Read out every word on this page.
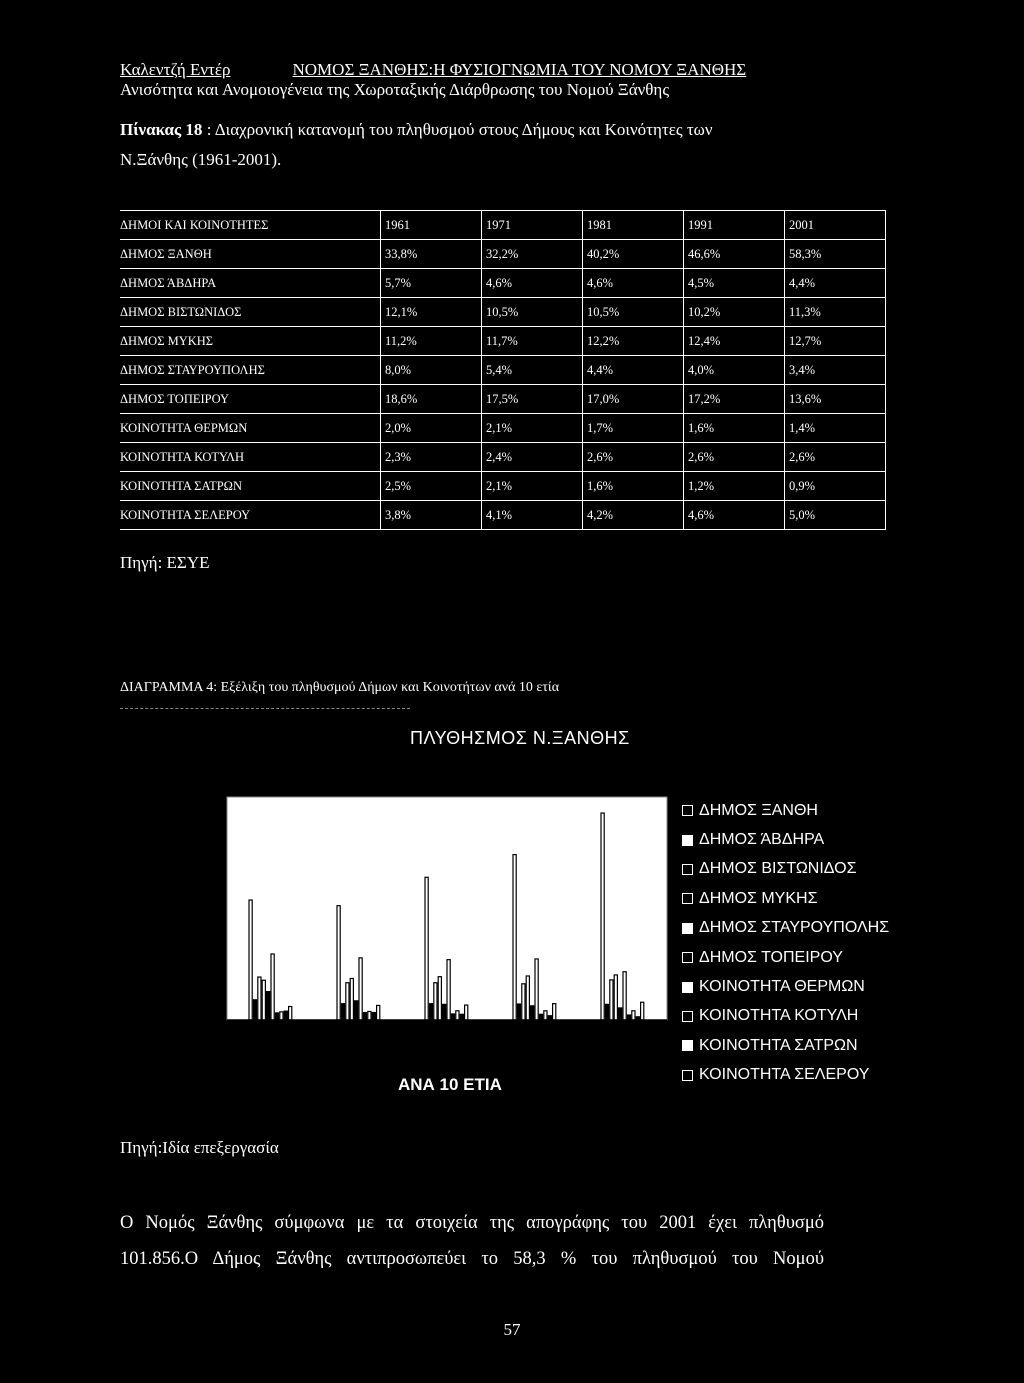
Καλεντζή Εντέρ	ΝΟΜΟΣ ΞΑΝΘΗΣ:Η ΦΥΣΙΟΓΝΩΜΙΑ ΤΟΥ ΝΟΜΟΥ ΞΑΝΘΗΣ
Ανισότητα και Ανομοιογένεια της Χωροταξικής Διάρθρωσης του Νομού Ξάνθης
Πίνακας 18 : Διαχρονική κατανομή του πληθυσμού στους Δήμους και Κοινότητες των
Ν.Ξάνθης (1961-2001).
ΔΗΜΟΙ ΚΑΙ ΚΟΙΝΟΤΗΤΕΣ	1961	1971	1981	1991	2001
ΔΗΜΟΣ ΞΑΝΘΗ	33,8%	32,2%	40,2%	46,6%	58,3%
ΔΗΜΟΣ ΆΒΔΗΡΑ	5,7%	4,6%	4,6%	4,5%	4,4%
ΔΗΜΟΣ ΒΙΣΤΩΝΙΔΟΣ	12,1%	10,5%	10,5%	10,2%	11,3%
ΔΗΜΟΣ ΜΥΚΗΣ	11,2%	11,7%	12,2%	12,4%	12,7%
ΔΗΜΟΣ ΣΤΑΥΡΟΥΠΟΛΗΣ	8,0%	5,4%	4,4%	4,0%	3,4%
ΔΗΜΟΣ ΤΟΠΕΙΡΟΥ	18,6%	17,5%	17,0%	17,2%	13,6%
ΚΟΙΝΟΤΗΤΑ ΘΕΡΜΩΝ	2,0%	2,1%	1,7%	1,6%	1,4%
ΚΟΙΝΟΤΗΤΑ ΚΟΤΥΛΗ	2,3%	2,4%	2,6%	2,6%	2,6%
ΚΟΙΝΟΤΗΤΑ ΣΑΤΡΩΝ	2,5%	2,1%	1,6%	1,2%	0,9%
ΚΟΙΝΟΤΗΤΑ ΣΕΛΕΡΟΥ	3,8%	4,1%	4,2%	4,6%	5,0%
Πηγή: ΕΣΥΕ
ΔΙΑΓΡΑΜΜΑ 4: Εξέλιξη του πληθυσμού Δήμων και Κοινοτήτων ανά 10 ετία
ΠΛΥΘΗΣΜΟΣ Ν.ΞΑΝΘΗΣ
ΑΝΑ 10 ΕΤΙΑ
ΔΗΜΟΣ ΞΑΝΘΗ
ΔΗΜΟΣ ΆΒΔΗΡΑ
ΔΗΜΟΣ ΒΙΣΤΩΝΙΔΟΣ
ΔΗΜΟΣ ΜΥΚΗΣ
ΔΗΜΟΣ ΣΤΑΥΡΟΥΠΟΛΗΣ
ΔΗΜΟΣ ΤΟΠΕΙΡΟΥ
ΚΟΙΝΟΤΗΤΑ ΘΕΡΜΩΝ
ΚΟΙΝΟΤΗΤΑ ΚΟΤΥΛΗ
ΚΟΙΝΟΤΗΤΑ ΣΑΤΡΩΝ
ΚΟΙΝΟΤΗΤΑ ΣΕΛΕΡΟΥ
Πηγή:Ιδία επεξεργασία
Ο Νομός Ξάνθης σύμφωνα με τα στοιχεία της απογράφης του 2001 έχει πληθυσμό
101.856.Ο Δήμος Ξάνθης αντιπροσωπεύει το 58,3 % του πληθυσμού του Νομού
57
